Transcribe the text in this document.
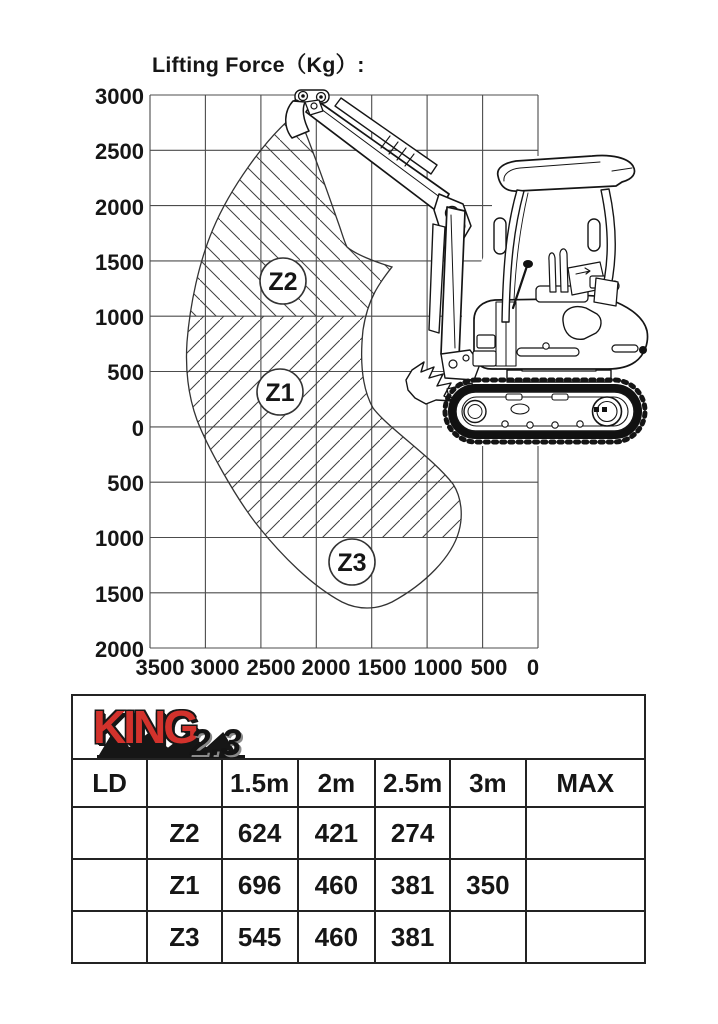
Lifting Force（Kg）:
3000
2500
2000
1500
1000
500
0
500
1000
1500
2000
3500 3000 2500 2000 1500 1000 500 0
Z2
Z1
Z3
KING2.3						

LD		1.5m	2m	2.5m	3m	MAX
	Z2	624	421	274		
	Z1	696	460	381	350	
	Z3	545	460	381		
